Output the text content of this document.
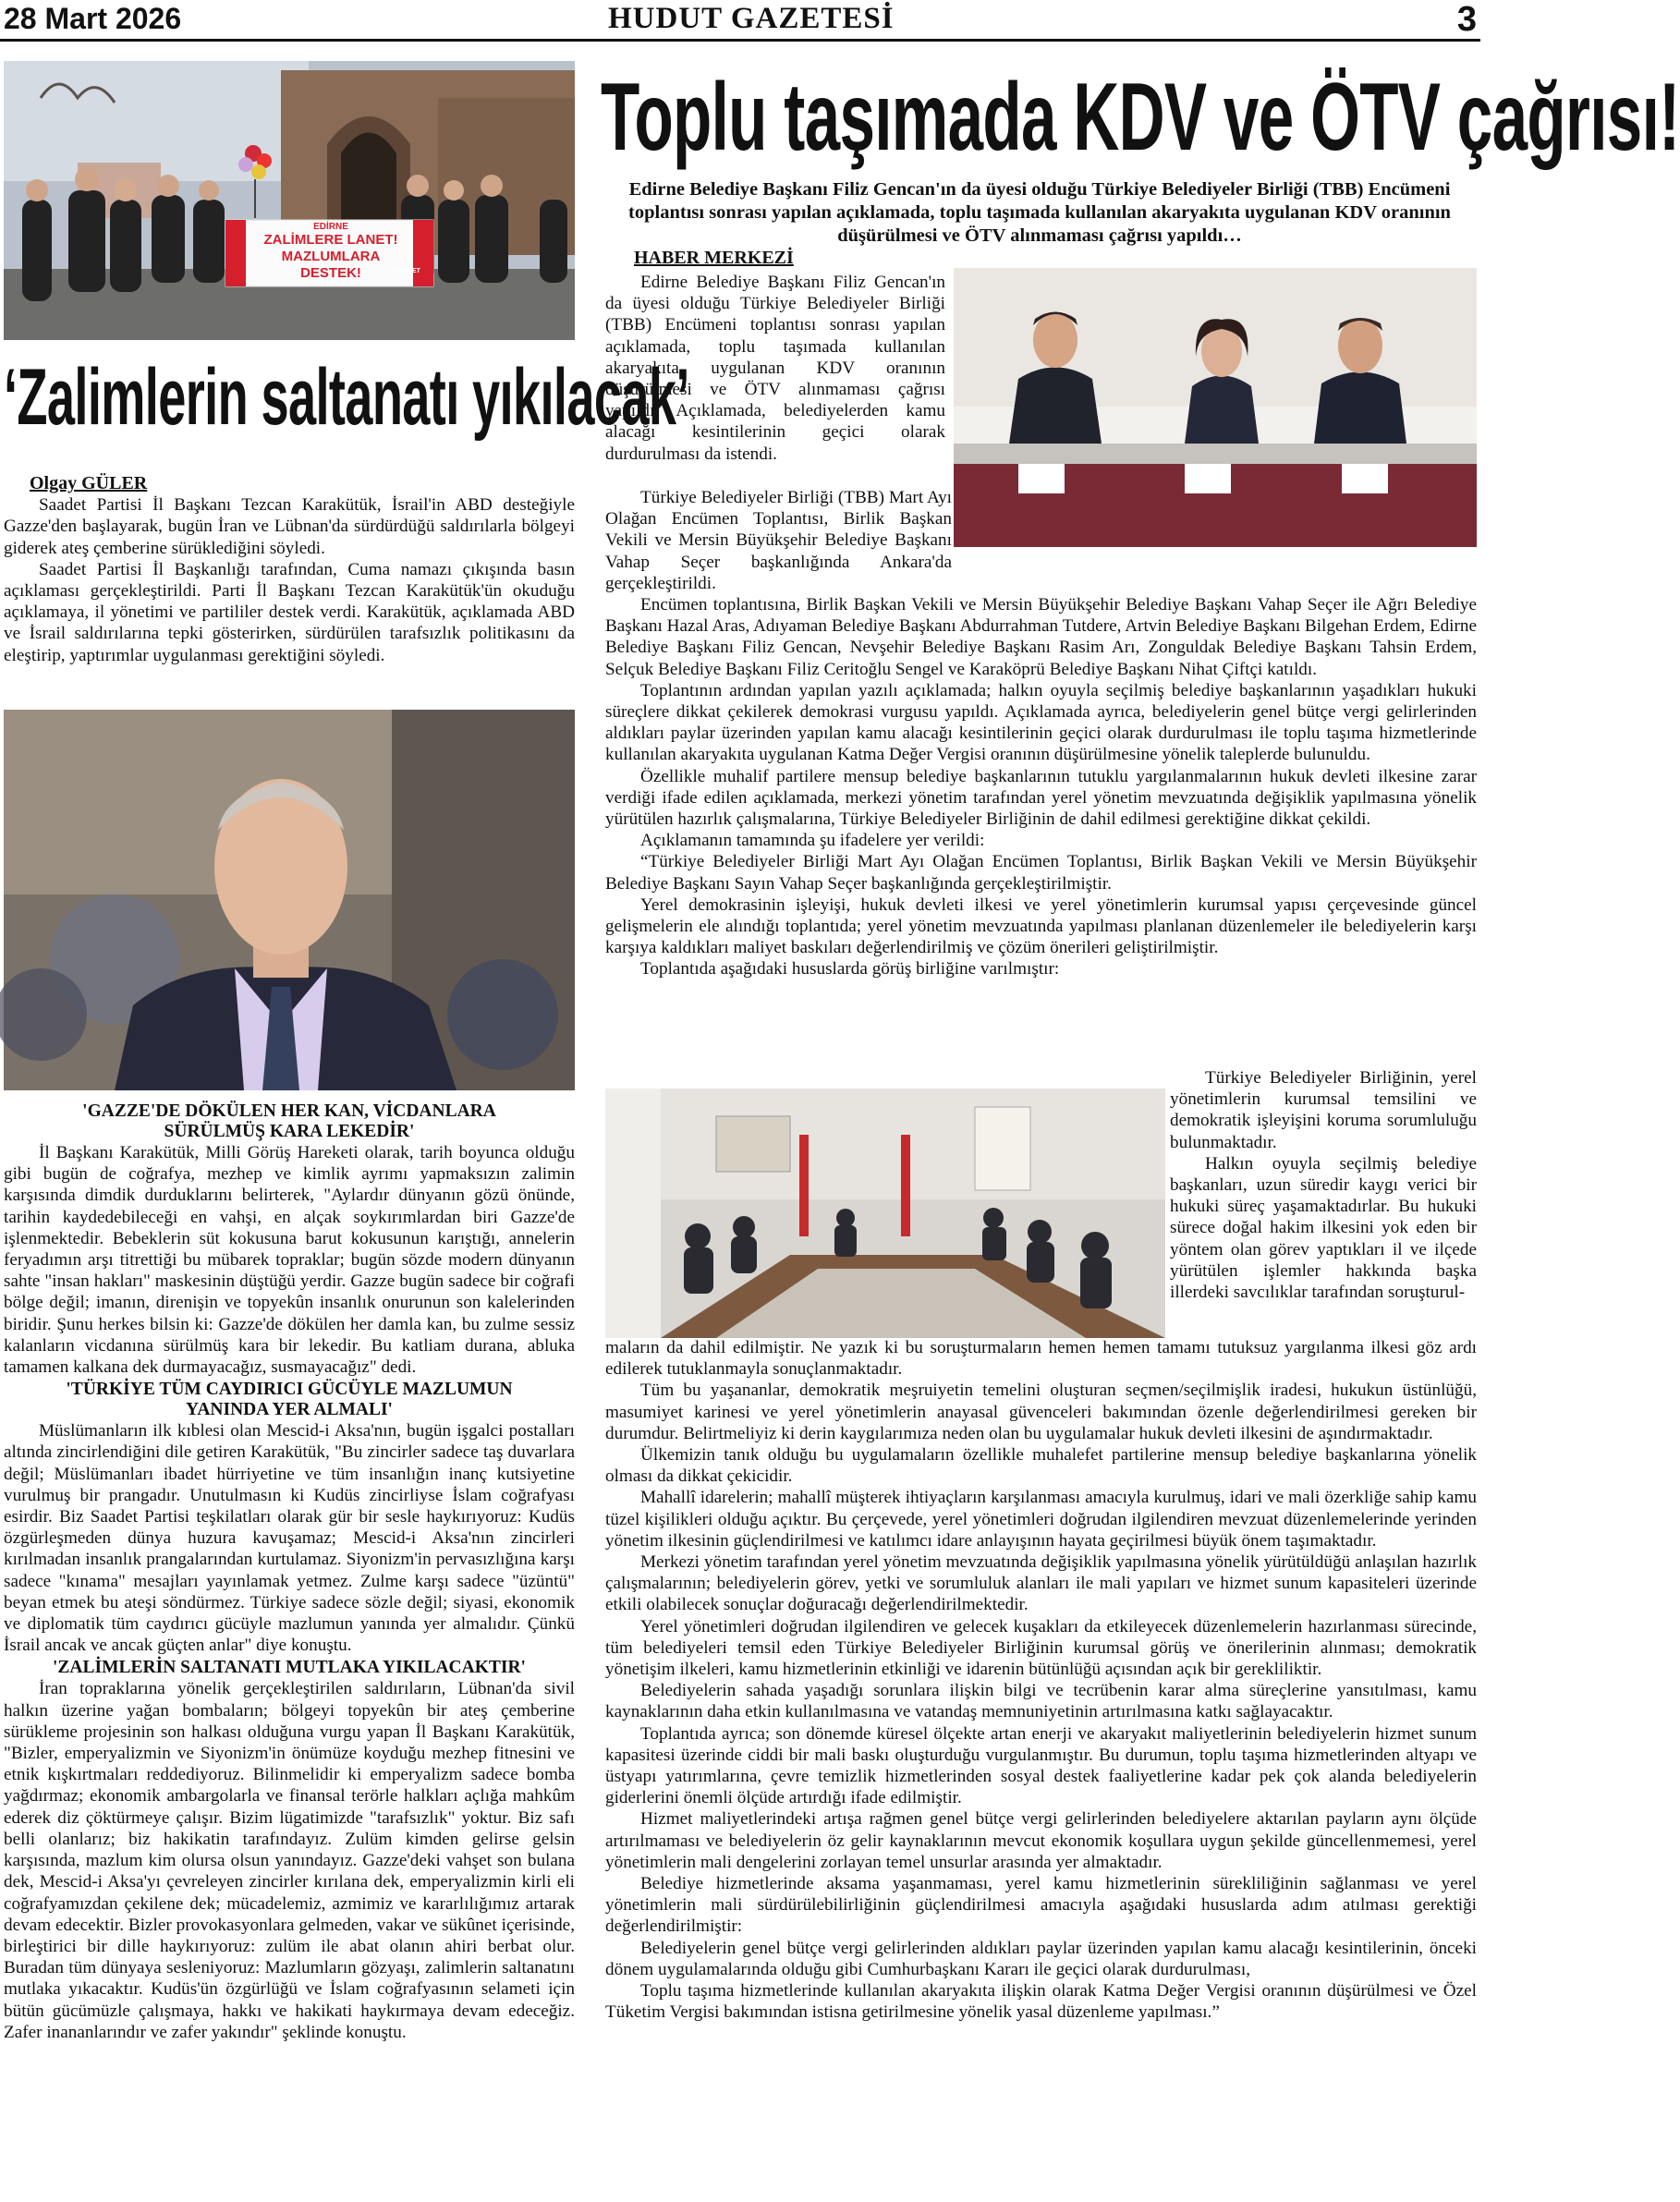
28 Mart 2026	HUDUT GAZETESİ	3
EDİRNE
ZALİMLERE LANET!
MAZLUMLARA DESTEK!	SAADET
‘Zalimlerin saltanatı yıkılacak’

Olgay GÜLER

Saadet Partisi İl Başkanı Tezcan Karakütük, İsrail'in ABD desteğiyle Gazze'den başlayarak, bugün İran ve Lübnan'da sürdürdüğü saldırılarla bölgeyi giderek ateş çemberine sürüklediğini söyledi.

Saadet Partisi İl Başkanlığı tarafından, Cuma namazı çıkışında basın açıklaması gerçekleştirildi. Parti İl Başkanı Tezcan Karakütük'ün okuduğu açıklamaya, il yönetimi ve partililer destek verdi. Karakütük, açıklamada ABD ve İsrail saldırılarına tepki gösterirken, sürdürülen tarafsızlık politikasını da eleştirip, yaptırımlar uygulanması gerektiğini söyledi.

'GAZZE'DE DÖKÜLEN HER KAN, VİCDANLARA SÜRÜLMÜŞ KARA LEKEDİR'

İl Başkanı Karakütük, Milli Görüş Hareketi olarak, tarih boyunca olduğu gibi bugün de coğrafya, mezhep ve kimlik ayrımı yapmaksızın zalimin karşısında dimdik durduklarını belirterek, "Aylardır dünyanın gözü önünde, tarihin kaydedebileceği en vahşi, en alçak soykırımlardan biri Gazze'de işlenmektedir. Bebeklerin süt kokusuna barut kokusunun karıştığı, annelerin feryadımın arşı titrettiği bu mübarek topraklar; bugün sözde modern dünyanın sahte "insan hakları" maskesinin düştüğü yerdir. Gazze bugün sadece bir coğrafi bölge değil; imanın, direnişin ve topyekûn insanlık onurunun son kalelerinden biridir. Şunu herkes bilsin ki: Gazze'de dökülen her damla kan, bu zulme sessiz kalanların vicdanına sürülmüş kara bir lekedir. Bu katliam durana, abluka tamamen kalkana dek durmayacağız, susmayacağız" dedi.

'TÜRKİYE TÜM CAYDIRICI GÜCÜYLE MAZLUMUN YANINDA YER ALMALI'

Müslümanların ilk kıblesi olan Mescid-i Aksa'nın, bugün işgalci postalları altında zincirlendiğini dile getiren Karakütük, "Bu zincirler sadece taş duvarlara değil; Müslümanları ibadet hürriyetine ve tüm insanlığın inanç kutsiyetine vurulmuş bir prangadır. Unutulmasın ki Kudüs zincirliyse İslam coğrafyası esirdir. Biz Saadet Partisi teşkilatları olarak gür bir sesle haykırıyoruz: Kudüs özgürleşmeden dünya huzura kavuşamaz; Mescid-i Aksa'nın zincirleri kırılmadan insanlık prangalarından kurtulamaz. Siyonizm'in pervasızlığına karşı sadece "kınama" mesajları yayınlamak yetmez. Zulme karşı sadece "üzüntü" beyan etmek bu ateşi söndürmez. Türkiye sadece sözle değil; siyasi, ekonomik ve diplomatik tüm caydırıcı gücüyle mazlumun yanında yer almalıdır. Çünkü İsrail ancak ve ancak güçten anlar" diye konuştu.

'ZALİMLERİN SALTANATI MUTLAKA YIKILACAKTIR'

İran topraklarına yönelik gerçekleştirilen saldırıların, Lübnan'da sivil halkın üzerine yağan bombaların; bölgeyi topyekûn bir ateş çemberine sürükleme projesinin son halkası olduğuna vurgu yapan İl Başkanı Karakütük, "Bizler, emperyalizmin ve Siyonizm'in önümüze koyduğu mezhep fitnesini ve etnik kışkırtmaları reddediyoruz. Bilinmelidir ki emperyalizm sadece bomba yağdırmaz; ekonomik ambargolarla ve finansal terörle halkları açlığa mahkûm ederek diz çöktürmeye çalışır. Bizim lügatimizde "tarafsızlık" yoktur. Biz safı belli olanlarız; biz hakikatin tarafındayız. Zulüm kimden gelirse gelsin karşısında, mazlum kim olursa olsun yanındayız. Gazze'deki vahşet son bulana dek, Mescid-i Aksa'yı çevreleyen zincirler kırılana dek, emperyalizmin kirli eli coğrafyamızdan çekilene dek; mücadelemiz, azmimiz ve kararlılığımız artarak devam edecektir. Bizler provokasyonlara gelmeden, vakar ve sükûnet içerisinde, birleştirici bir dille haykırıyoruz: zulüm ile abat olanın ahiri berbat olur. Buradan tüm dünyaya sesleniyoruz: Mazlumların gözyaşı, zalimlerin saltanatını mutlaka yıkacaktır. Kudüs'ün özgürlüğü ve İslam coğrafyasının selameti için bütün gücümüzle çalışmaya, hakkı ve hakikati haykırmaya devam edeceğiz. Zafer inananlarındır ve zafer yakındır" şeklinde konuştu.

Toplu taşımada KDV ve ÖTV çağrısı!
Edirne Belediye Başkanı Filiz Gencan'ın da üyesi olduğu Türkiye Belediyeler Birliği (TBB) Encümeni toplantısı sonrası yapılan açıklamada, toplu taşımada kullanılan akaryakıta uygulanan KDV oranının düşürülmesi ve ÖTV alınmaması çağrısı yapıldı…
HABER MERKEZİ

Edirne Belediye Başkanı Filiz Gencan'ın da üyesi olduğu Türkiye Belediyeler Birliği (TBB) Encümeni toplantısı sonrası yapılan açıklamada, toplu taşımada kullanılan akaryakıta uygulanan KDV oranının düşürülmesi ve ÖTV alınmaması çağrısı yapıldı. Açıklamada, belediyelerden kamu alacağı kesintilerinin geçici olarak durdurulması da istendi.

Türkiye Belediyeler Birliği (TBB) Mart Ayı Olağan Encümen Toplantısı, Birlik Başkan Vekili ve Mersin Büyükşehir Belediye Başkanı Vahap Seçer başkanlığında Ankara'da gerçekleştirildi.

Encümen toplantısına, Birlik Başkan Vekili ve Mersin Büyükşehir Belediye Başkanı Vahap Seçer ile Ağrı Belediye Başkanı Hazal Aras, Adıyaman Belediye Başkanı Abdurrahman Tutdere, Artvin Belediye Başkanı Bilgehan Erdem, Edirne Belediye Başkanı Filiz Gencan, Nevşehir Belediye Başkanı Rasim Arı, Zonguldak Belediye Başkanı Tahsin Erdem, Selçuk Belediye Başkanı Filiz Ceritoğlu Sengel ve Karaköprü Belediye Başkanı Nihat Çiftçi katıldı.

Toplantının ardından yapılan yazılı açıklamada; halkın oyuyla seçilmiş belediye başkanlarının yaşadıkları hukuki süreçlere dikkat çekilerek demokrasi vurgusu yapıldı. Açıklamada ayrıca, belediyelerin genel bütçe vergi gelirlerinden aldıkları paylar üzerinden yapılan kamu alacağı kesintilerinin geçici olarak durdurulması ile toplu taşıma hizmetlerinde kullanılan akaryakıta uygulanan Katma Değer Vergisi oranının düşürülmesine yönelik taleplerde bulunuldu.

Özellikle muhalif partilere mensup belediye başkanlarının tutuklu yargılanmalarının hukuk devleti ilkesine zarar verdiği ifade edilen açıklamada, merkezi yönetim tarafından yerel yönetim mevzuatında değişiklik yapılmasına yönelik yürütülen hazırlık çalışmalarına, Türkiye Belediyeler Birliğinin de dahil edilmesi gerektiğine dikkat çekildi.

Açıklamanın tamamında şu ifadelere yer verildi:

“Türkiye Belediyeler Birliği Mart Ayı Olağan Encümen Toplantısı, Birlik Başkan Vekili ve Mersin Büyükşehir Belediye Başkanı Sayın Vahap Seçer başkanlığında gerçekleştirilmiştir.

Yerel demokrasinin işleyişi, hukuk devleti ilkesi ve yerel yönetimlerin kurumsal yapısı çerçevesinde güncel gelişmelerin ele alındığı toplantıda; yerel yönetim mevzuatında yapılması planlanan düzenlemeler ile belediyelerin karşı karşıya kaldıkları maliyet baskıları değerlendirilmiş ve çözüm önerileri geliştirilmiştir.

Toplantıda aşağıdaki hususlarda görüş birliğine varılmıştır:

Türkiye Belediyeler Birliğinin, yerel yönetimlerin kurumsal temsilini ve demokratik işleyişini koruma sorumluluğu bulunmaktadır.

Halkın oyuyla seçilmiş belediye başkanları, uzun süredir kaygı verici bir hukuki süreç yaşamaktadırlar. Bu hukuki sürece doğal hakim ilkesini yok eden bir yöntem olan görev yaptıkları il ve ilçede yürütülen işlemler hakkında başka illerdeki savcılıklar tarafından soruşturul-

maların da dahil edilmiştir. Ne yazık ki bu soruşturmaların hemen hemen tamamı tutuksuz yargılanma ilkesi göz ardı edilerek tutuklanmayla sonuçlanmaktadır.

Tüm bu yaşananlar, demokratik meşruiyetin temelini oluşturan seçmen/seçilmişlik iradesi, hukukun üstünlüğü, masumiyet karinesi ve yerel yönetimlerin anayasal güvenceleri bakımından özenle değerlendirilmesi gereken bir durumdur. Belirtmeliyiz ki derin kaygılarımıza neden olan bu uygulamalar hukuk devleti ilkesini de aşındırmaktadır.

Ülkemizin tanık olduğu bu uygulamaların özellikle muhalefet partilerine mensup belediye başkanlarına yönelik olması da dikkat çekicidir.

Mahallî idarelerin; mahallî müşterek ihtiyaçların karşılanması amacıyla kurulmuş, idari ve mali özerkliğe sahip kamu tüzel kişilikleri olduğu açıktır. Bu çerçevede, yerel yönetimleri doğrudan ilgilendiren mevzuat düzenlemelerinde yerinden yönetim ilkesinin güçlendirilmesi ve katılımcı idare anlayışının hayata geçirilmesi büyük önem taşımaktadır.

Merkezi yönetim tarafından yerel yönetim mevzuatında değişiklik yapılmasına yönelik yürütüldüğü anlaşılan hazırlık çalışmalarının; belediyelerin görev, yetki ve sorumluluk alanları ile mali yapıları ve hizmet sunum kapasiteleri üzerinde etkili olabilecek sonuçlar doğuracağı değerlendirilmektedir.

Yerel yönetimleri doğrudan ilgilendiren ve gelecek kuşakları da etkileyecek düzenlemelerin hazırlanması sürecinde, tüm belediyeleri temsil eden Türkiye Belediyeler Birliğinin kurumsal görüş ve önerilerinin alınması; demokratik yönetişim ilkeleri, kamu hizmetlerinin etkinliği ve idarenin bütünlüğü açısından açık bir gerekliliktir.

Belediyelerin sahada yaşadığı sorunlara ilişkin bilgi ve tecrübenin karar alma süreçlerine yansıtılması, kamu kaynaklarının daha etkin kullanılmasına ve vatandaş memnuniyetinin artırılmasına katkı sağlayacaktır.

Toplantıda ayrıca; son dönemde küresel ölçekte artan enerji ve akaryakıt maliyetlerinin belediyelerin hizmet sunum kapasitesi üzerinde ciddi bir mali baskı oluşturduğu vurgulanmıştır. Bu durumun, toplu taşıma hizmetlerinden altyapı ve üstyapı yatırımlarına, çevre temizlik hizmetlerinden sosyal destek faaliyetlerine kadar pek çok alanda belediyelerin giderlerini önemli ölçüde artırdığı ifade edilmiştir.

Hizmet maliyetlerindeki artışa rağmen genel bütçe vergi gelirlerinden belediyelere aktarılan payların aynı ölçüde artırılmaması ve belediyelerin öz gelir kaynaklarının mevcut ekonomik koşullara uygun şekilde güncellenmemesi, yerel yönetimlerin mali dengelerini zorlayan temel unsurlar arasında yer almaktadır.

Belediye hizmetlerinde aksama yaşanmaması, yerel kamu hizmetlerinin sürekliliğinin sağlanması ve yerel yönetimlerin mali sürdürülebilirliğinin güçlendirilmesi amacıyla aşağıdaki hususlarda adım atılması gerektiği değerlendirilmiştir:

Belediyelerin genel bütçe vergi gelirlerinden aldıkları paylar üzerinden yapılan kamu alacağı kesintilerinin, önceki dönem uygulamalarında olduğu gibi Cumhurbaşkanı Kararı ile geçici olarak durdurulması,

Toplu taşıma hizmetlerinde kullanılan akaryakıta ilişkin olarak Katma Değer Vergisi oranının düşürülmesi ve Özel Tüketim Vergisi bakımından istisna getirilmesine yönelik yasal düzenleme yapılması.”
